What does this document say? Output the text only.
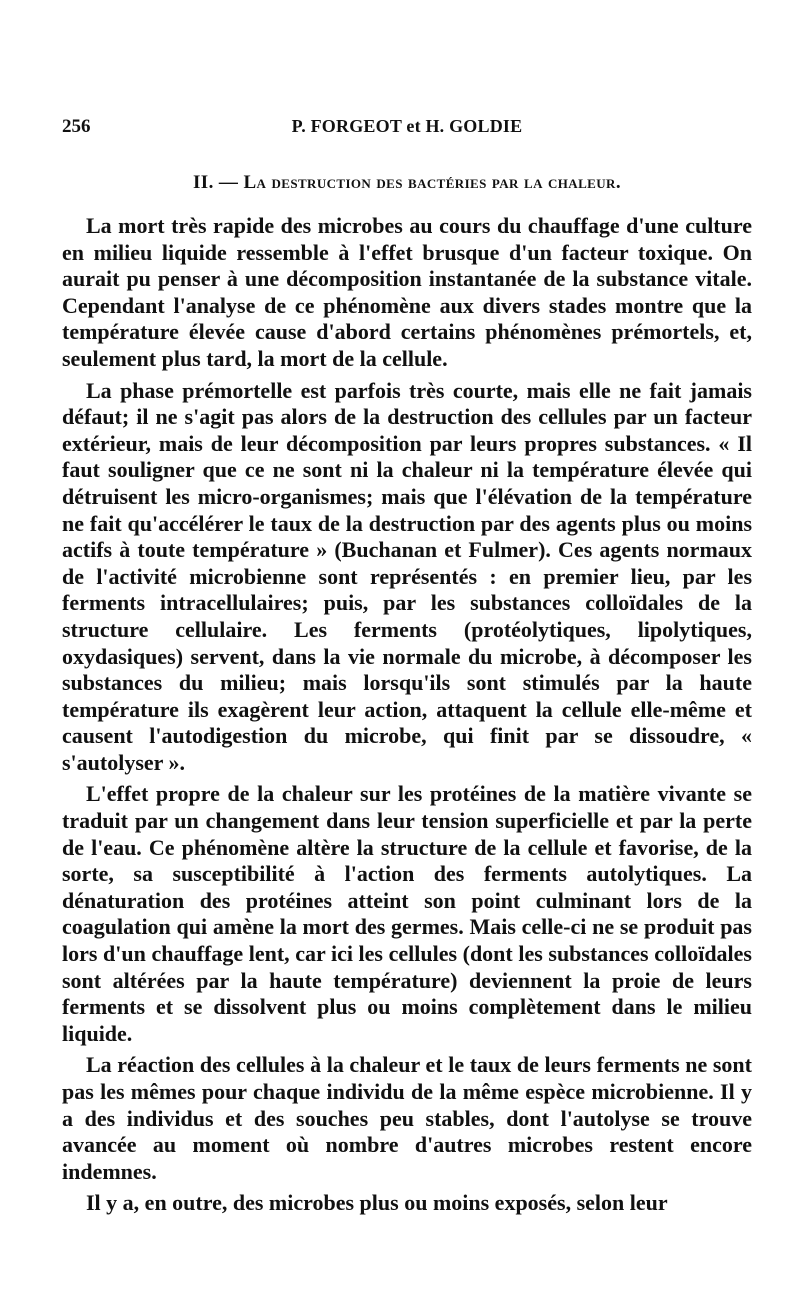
256	P. FORGEOT et H. GOLDIE
II. — La destruction des bactéries par la chaleur.

La mort très rapide des microbes au cours du chauffage d'une culture en milieu liquide ressemble à l'effet brusque d'un facteur toxique. On aurait pu penser à une décomposition instantanée de la substance vitale. Cependant l'analyse de ce phénomène aux divers stades montre que la température élevée cause d'abord certains phénomènes prémortels, et, seulement plus tard, la mort de la cellule.

La phase prémortelle est parfois très courte, mais elle ne fait jamais défaut; il ne s'agit pas alors de la destruction des cellules par un facteur extérieur, mais de leur décomposition par leurs propres substances. « Il faut souligner que ce ne sont ni la chaleur ni la température élevée qui détruisent les micro-organismes; mais que l'élévation de la température ne fait qu'accélérer le taux de la destruction par des agents plus ou moins actifs à toute température » (Buchanan et Fulmer). Ces agents normaux de l'activité microbienne sont représentés : en premier lieu, par les ferments intracellulaires; puis, par les substances colloïdales de la structure cellulaire. Les ferments (protéolytiques, lipolytiques, oxydasiques) servent, dans la vie normale du microbe, à décomposer les substances du milieu; mais lorsqu'ils sont stimulés par la haute température ils exagèrent leur action, attaquent la cellule elle-même et causent l'autodigestion du microbe, qui finit par se dissoudre, « s'autolyser ».

L'effet propre de la chaleur sur les protéines de la matière vivante se traduit par un changement dans leur tension superficielle et par la perte de l'eau. Ce phénomène altère la structure de la cellule et favorise, de la sorte, sa susceptibilité à l'action des ferments autolytiques. La dénaturation des protéines atteint son point culminant lors de la coagulation qui amène la mort des germes. Mais celle-ci ne se produit pas lors d'un chauffage lent, car ici les cellules (dont les substances colloïdales sont altérées par la haute température) deviennent la proie de leurs ferments et se dissolvent plus ou moins complètement dans le milieu liquide.

La réaction des cellules à la chaleur et le taux de leurs ferments ne sont pas les mêmes pour chaque individu de la même espèce microbienne. Il y a des individus et des souches peu stables, dont l'autolyse se trouve avancée au moment où nombre d'autres microbes restent encore indemnes.

Il y a, en outre, des microbes plus ou moins exposés, selon leur
